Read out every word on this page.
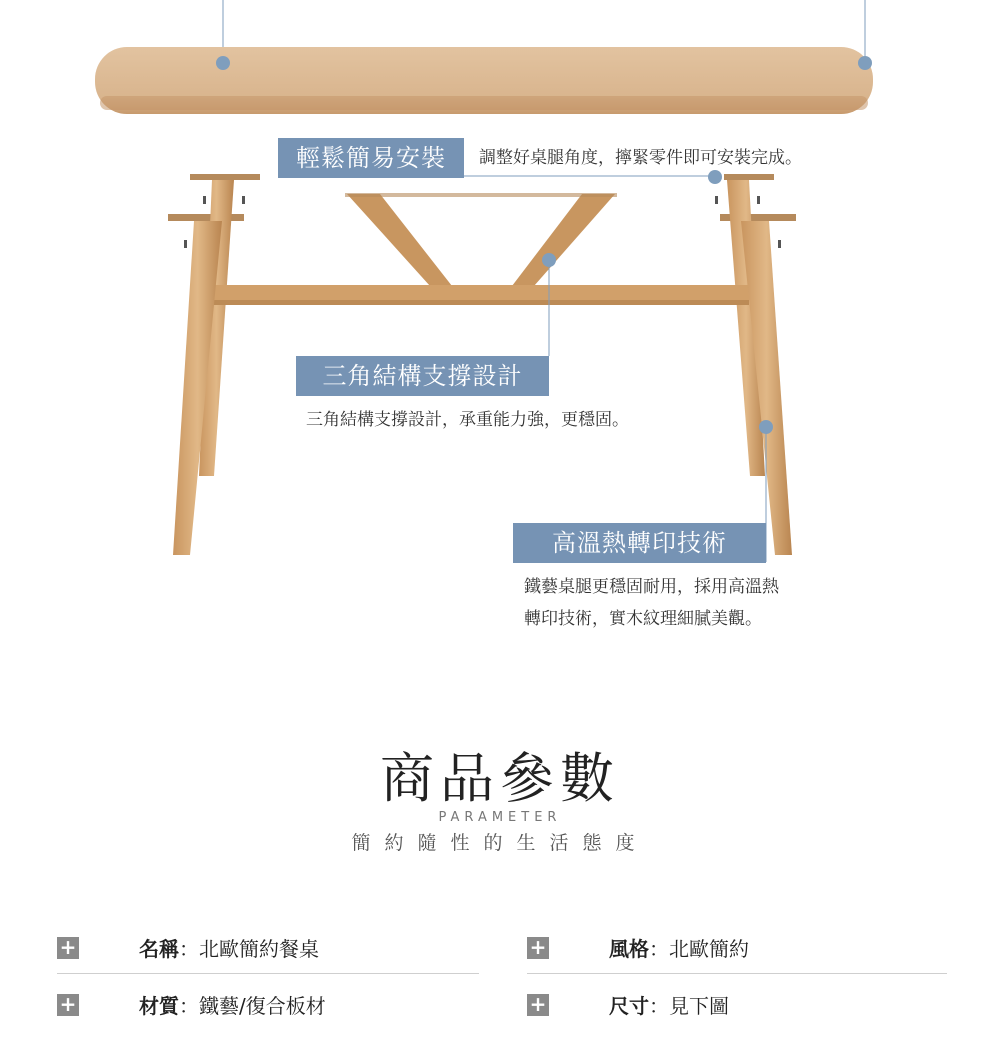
輕鬆簡易安裝	調整好桌腿角度，擰緊零件即可安裝完成。
三角結構支撐設計
三角結構支撐設計，承重能力強，更穩固。
高溫熱轉印技術
鐵藝桌腿更穩固耐用，採用高溫熱
轉印技術，實木紋理細膩美觀。
商品參數
PARAMETER
簡約隨性的生活態度
+	名稱：北歐簡約餐桌	+	風格：北歐簡約
+	材質：鐵藝/復合板材	+	尺寸：見下圖
